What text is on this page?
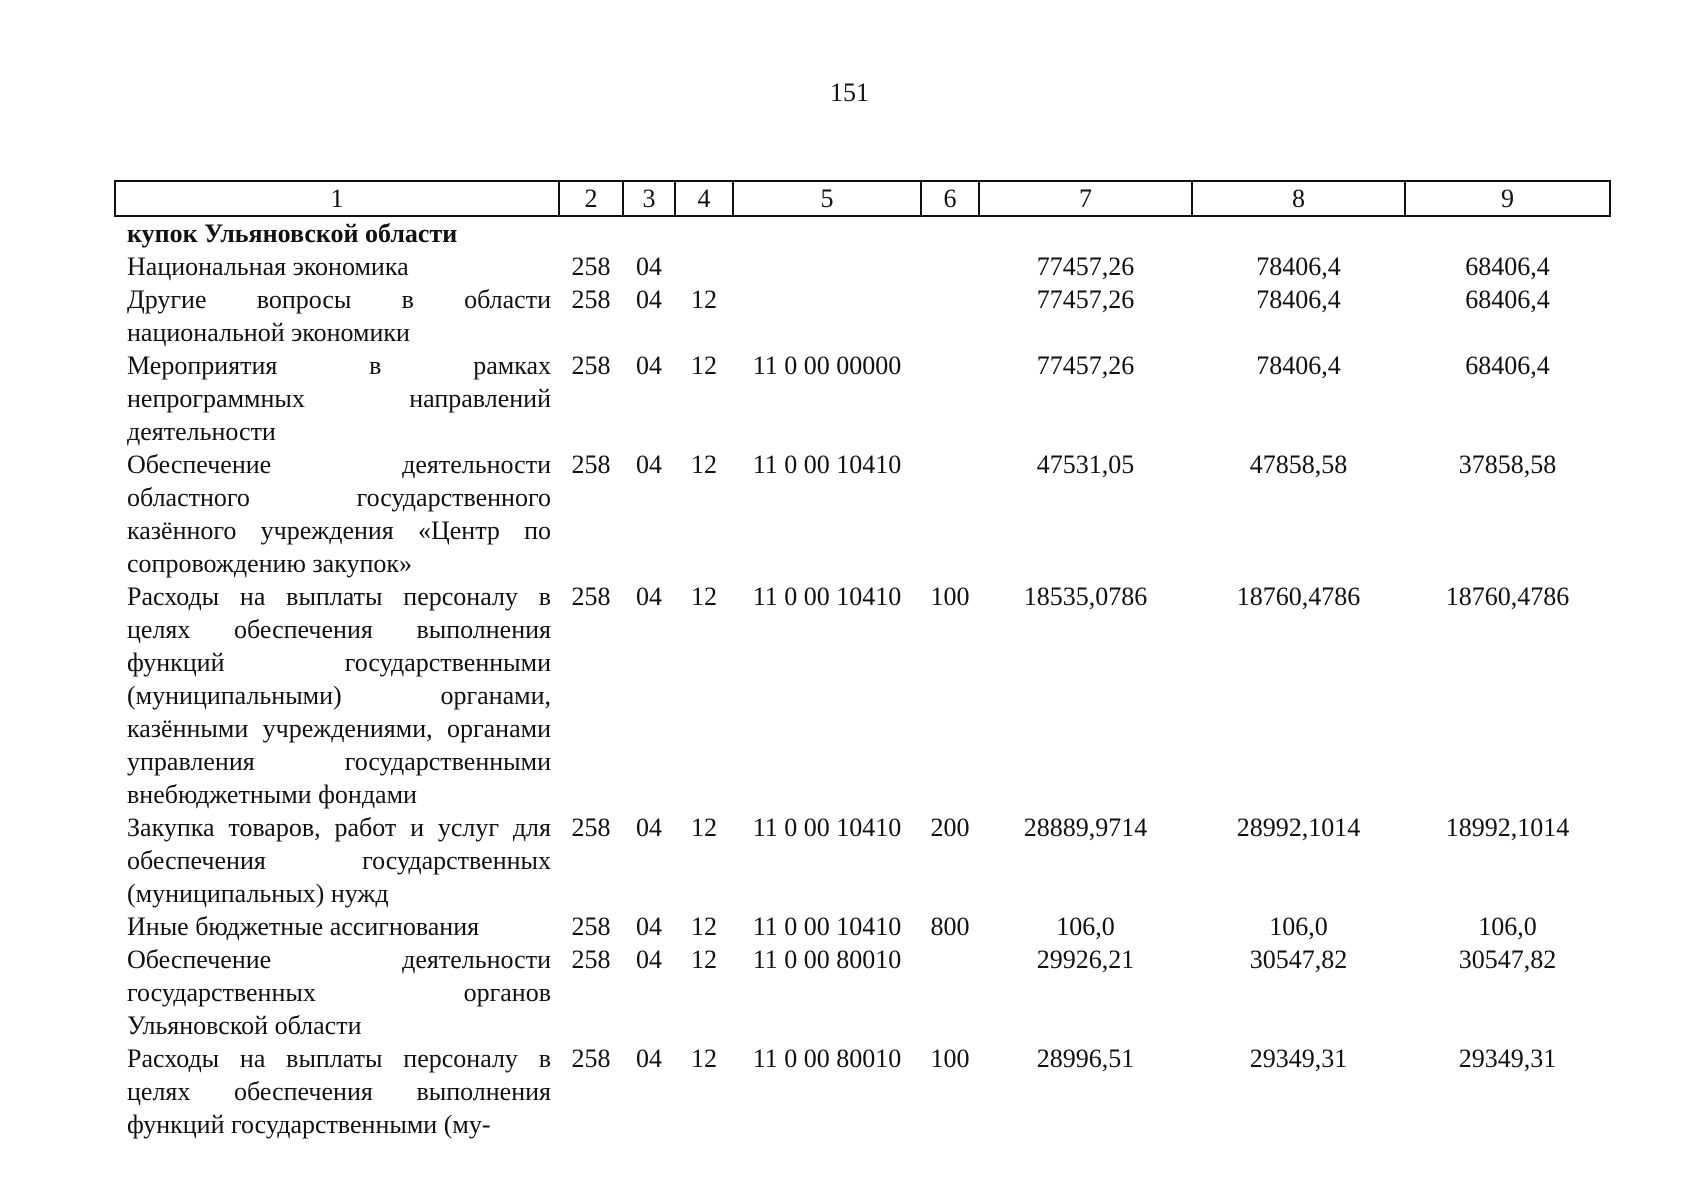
151
1	2	3	4	5	6	7	8	9
купок Ульяновской области								
Национальная экономика	258	04				77457,26	78406,4	68406,4
Другие вопросы в области национальной экономики	258	04	12			77457,26	78406,4	68406,4
Мероприятия в рамках непрограммных направлений деятельности	258	04	12	11 0 00 00000		77457,26	78406,4	68406,4
Обеспечение деятельности областного государственного казённого учреждения «Центр по сопровождению закупок»	258	04	12	11 0 00 10410		47531,05	47858,58	37858,58
Расходы на выплаты персоналу в целях обеспечения выполнения функций государственными (муниципальными) органами, казёнными учреждениями, органами управления государственными внебюджетными фондами	258	04	12	11 0 00 10410	100	18535,0786	18760,4786	18760,4786
Закупка товаров, работ и услуг для обеспечения государственных (муниципальных) нужд	258	04	12	11 0 00 10410	200	28889,9714	28992,1014	18992,1014
Иные бюджетные ассигнования	258	04	12	11 0 00 10410	800	106,0	106,0	106,0
Обеспечение деятельности государственных органов Ульяновской области	258	04	12	11 0 00 80010		29926,21	30547,82	30547,82
Расходы на выплаты персоналу в целях обеспечения выполнения функций государственными (му-	258	04	12	11 0 00 80010	100	28996,51	29349,31	29349,31
